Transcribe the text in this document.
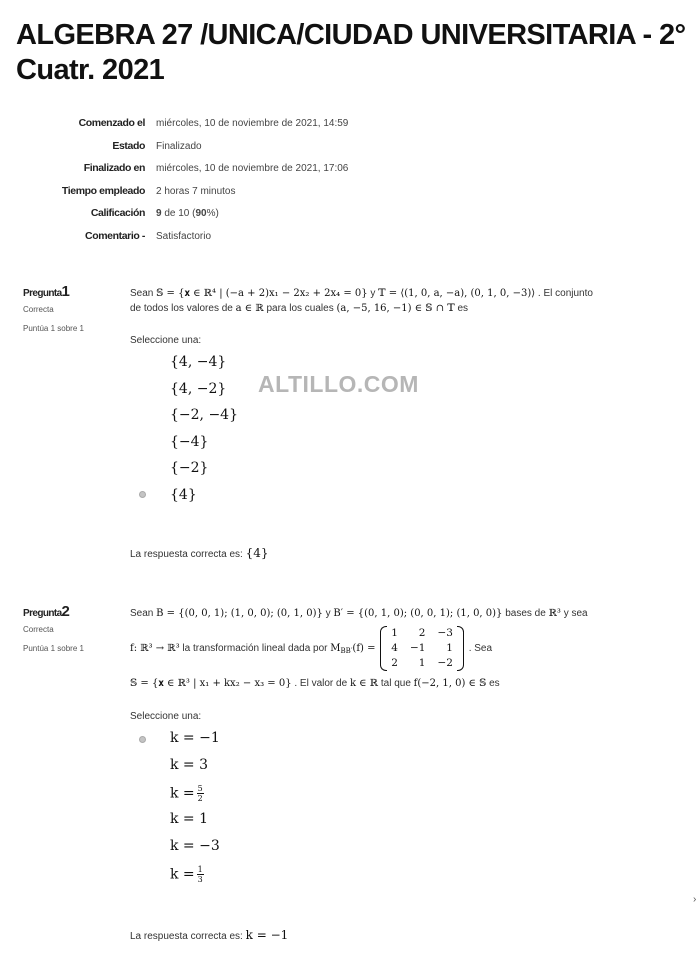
ALGEBRA 27 /UNICA/CIUDAD UNIVERSITARIA - 2° Cuatr. 2021
Comenzado el miércoles, 10 de noviembre de 2021, 14:59
Estado Finalizado
Finalizado en miércoles, 10 de noviembre de 2021, 17:06
Tiempo empleado 2 horas 7 minutos
Calificación 9 de 10 (90%)
Comentario - Satisfactorio
Pregunta1
Correcta
Puntúa 1 sobre 1
Sean 𝕊 = {𝐱 ∈ ℝ⁴ | (−a + 2)x₁ − 2x₂ + 2x₄ = 0} y 𝕋 = ⟨(1, 0, a, −a), (0, 1, 0, −3)⟩ . El conjunto
de todos los valores de a ∈ ℝ para los cuales (a, −5, 16, −1) ∈ 𝕊 ∩ 𝕋 es
Seleccione una:
{4, −4}
{4, −2}
{−2, −4}
{−4}
{−2}
{4}
ALTILLO.COM
La respuesta correcta es: {4}
Pregunta2
Correcta
Puntúa 1 sobre 1
Sean B = {(0, 0, 1); (1, 0, 0); (0, 1, 0)} y B′ = {(0, 1, 0); (0, 0, 1); (1, 0, 0)} bases de ℝ³ y sea
f: ℝ³ → ℝ³ la transformación lineal dada por $M_{BB'}(f)$ =
1	2	−3
4	−1	1
2	1	−2
. Sea
𝕊 = {𝐱 ∈ ℝ³ | x₁ + kx₂ − x₃ = 0} . El valor de k ∈ ℝ tal que f(−2, 1, 0) ∈ 𝕊 es
Seleccione una:
k = −1
k = 3
$k = \frac{5}{2}$
k = 1
k = −3
$k = \frac{1}{3}$
La respuesta correcta es: k = −1
›
